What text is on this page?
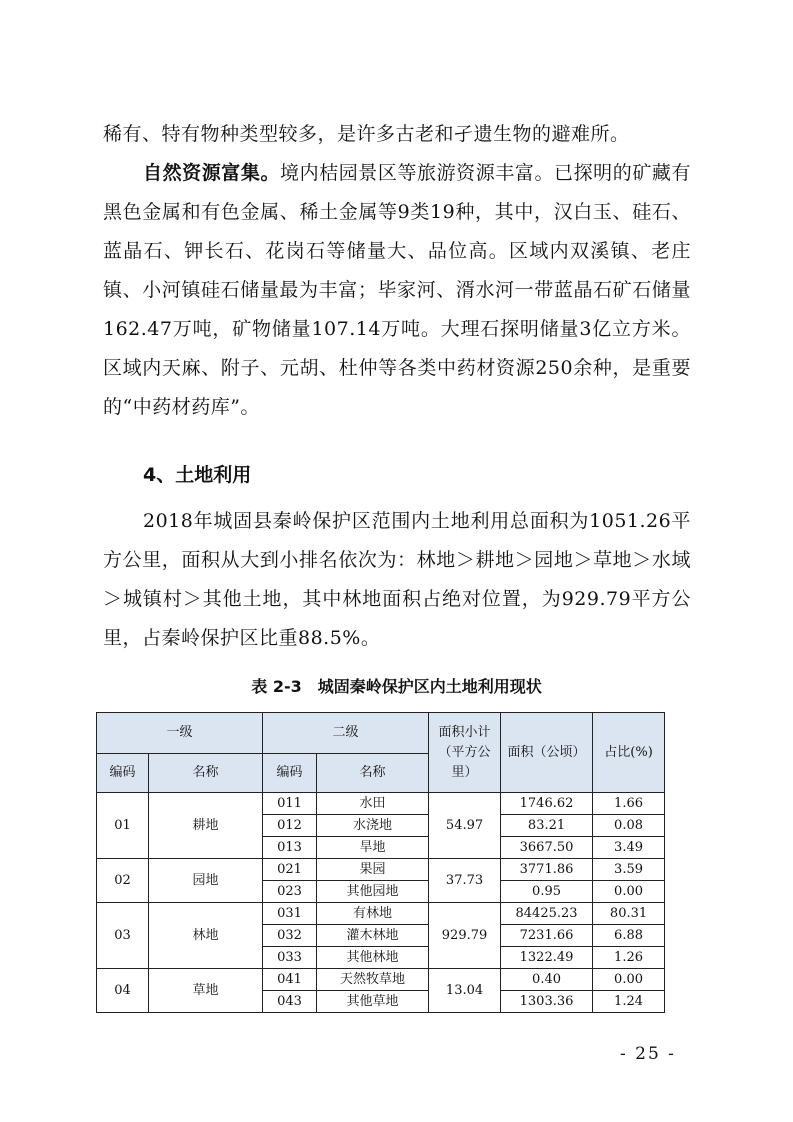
稀有、特有物种类型较多，是许多古老和孑遗生物的避难所。

自然资源富集。境内桔园景区等旅游资源丰富。已探明的矿藏有黑色金属和有色金属、稀土金属等9类19种，其中，汉白玉、硅石、蓝晶石、钾长石、花岗石等储量大、品位高。区域内双溪镇、老庄镇、小河镇硅石储量最为丰富；毕家河、湑水河一带蓝晶石矿石储量162.47万吨，矿物储量107.14万吨。大理石探明储量3亿立方米。区域内天麻、附子、元胡、杜仲等各类中药材资源250余种，是重要的“中药材药库”。

4、土地利用

2018年城固县秦岭保护区范围内土地利用总面积为1051.26平方公里，面积从大到小排名依次为：林地＞耕地＞园地＞草地＞水域＞城镇村＞其他土地，其中林地面积占绝对位置，为929.79平方公里，占秦岭保护区比重88.5%。

表 2-3　城固秦岭保护区内土地利用现状

一级		二级		面积小计（平方公里）	面积（公顷）	占比(%)
编码	名称	编码	名称			
01	耕地	011	水田	54.97	1746.62	1.66
		012	水浇地		83.21	0.08
		013	旱地		3667.50	3.49
02	园地	021	果园	37.73	3771.86	3.59
		023	其他园地		0.95	0.00
03	林地	031	有林地	929.79	84425.23	80.31
		032	灌木林地		7231.66	6.88
		033	其他林地		1322.49	1.26
04	草地	041	天然牧草地	13.04	0.40	0.00
		043	其他草地		1303.36	1.24

- 25 -
